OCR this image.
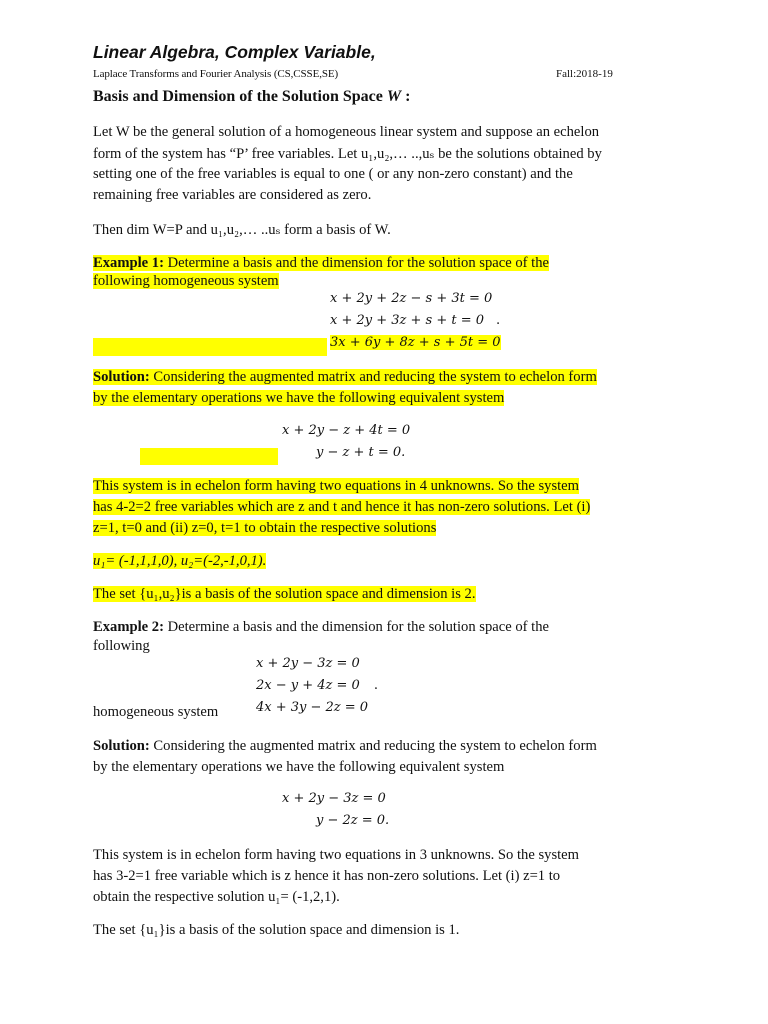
Linear Algebra, Complex Variable,
Laplace Transforms and Fourier Analysis (CS,CSSE,SE)	Fall:2018-19
Basis and Dimension of the Solution Space W :
Let W be the general solution of a homogeneous linear system and suppose an echelon
form of the system has “P’ free variables. Let u₁,u₂,… ..,uₛ be the solutions obtained by
setting one of the free variables is equal to one ( or any non-zero constant) and the
remaining free variables are considered as zero.
Then dim W=P and u₁,u₂,… ..uₛ form a basis of W.
Example 1: Determine a basis and the dimension for the solution space of the
following homogeneous system
x + 2y + 2z − s + 3t = 0
x + 2y + 3z + s + t = 0 .
3x + 6y + 8z + s + 5t = 0
Solution: Considering the augmented matrix and reducing the system to echelon form
by the elementary operations we have the following equivalent system
x + 2y − z + 4t = 0
y − z + t = 0.
This system is in echelon form having two equations in 4 unknowns. So the system
has 4-2=2 free variables which are z and t and hence it has non-zero solutions. Let (i)
z=1, t=0 and (ii) z=0, t=1 to obtain the respective solutions
u₁= (-1,1,1,0), u₂=(-2,-1,0,1).
The set {u₁,u₂}is a basis of the solution space and dimension is 2.
Example 2: Determine a basis and the dimension for the solution space of the
following
x + 2y − 3z = 0
2x − y + 4z = 0 .
homogeneous system	4x + 3y − 2z = 0
Solution: Considering the augmented matrix and reducing the system to echelon form
by the elementary operations we have the following equivalent system
x + 2y − 3z = 0
y − 2z = 0.
This system is in echelon form having two equations in 3 unknowns. So the system
has 3-2=1 free variable which is z hence it has non-zero solutions. Let (i) z=1 to
obtain the respective solution u₁= (-1,2,1).
The set {u₁}is a basis of the solution space and dimension is 1.
